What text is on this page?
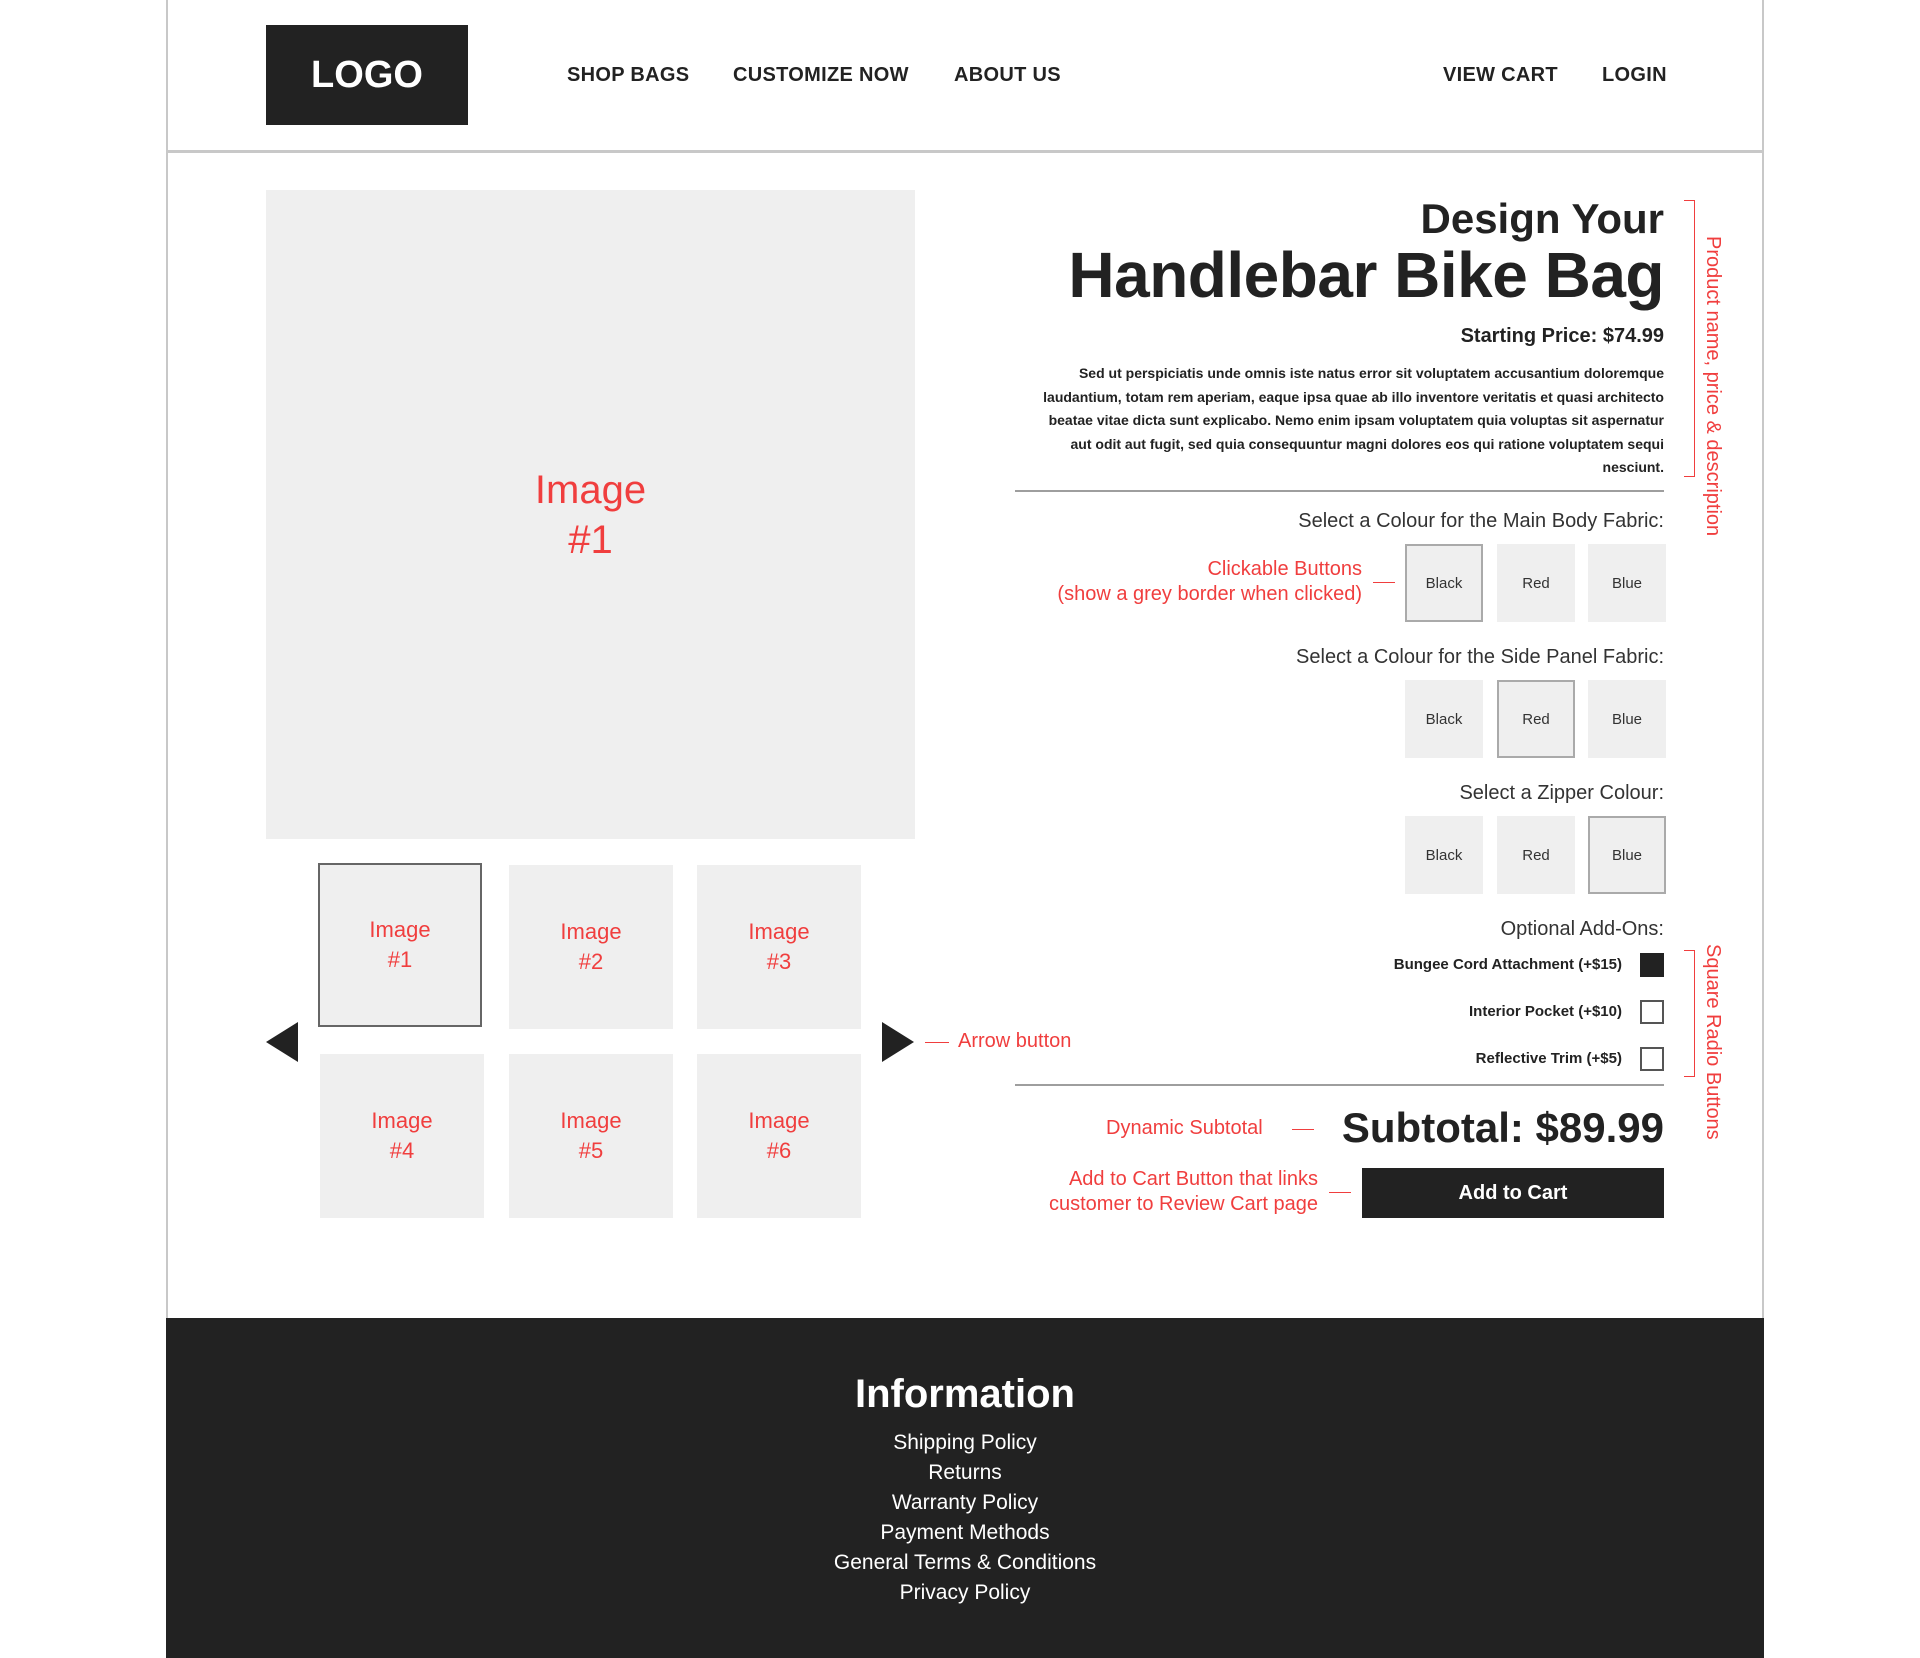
LOGO	SHOP BAGS CUSTOMIZE NOW ABOUT US	VIEW CART LOGIN
Image
#1
Image
#1
Image
#2
Image
#3
Image
#4
Image
#5
Image
#6
Arrow button
Design Your
Handlebar Bike Bag
Starting Price: $74.99
Sed ut perspiciatis unde omnis iste natus error sit voluptatem accusantium doloremque laudantium, totam rem aperiam, eaque ipsa quae ab illo inventore veritatis et quasi architecto beatae vitae dicta sunt explicabo. Nemo enim ipsam voluptatem quia voluptas sit aspernatur aut odit aut fugit, sed quia consequuntur magni dolores eos qui ratione voluptatem sequi nesciunt. Product name, price & description
Select a Colour for the Main Body Fabric:
Black	Red	Blue
Clickable Buttons
(show a grey border when clicked)
Select a Colour for the Side Panel Fabric:
Black	Red	Blue
Select a Zipper Colour:
Black	Red	Blue
Optional Add-Ons:
Bungee Cord Attachment (+$15)
Interior Pocket (+$10)
Reflective Trim (+$5)	Square Radio Buttons
Dynamic Subtotal Subtotal: $89.99
Add to Cart Button that links
customer to Review Cart page
Add to Cart
Information
Shipping Policy
Returns
Warranty Policy
Payment Methods
General Terms & Conditions
Privacy Policy
